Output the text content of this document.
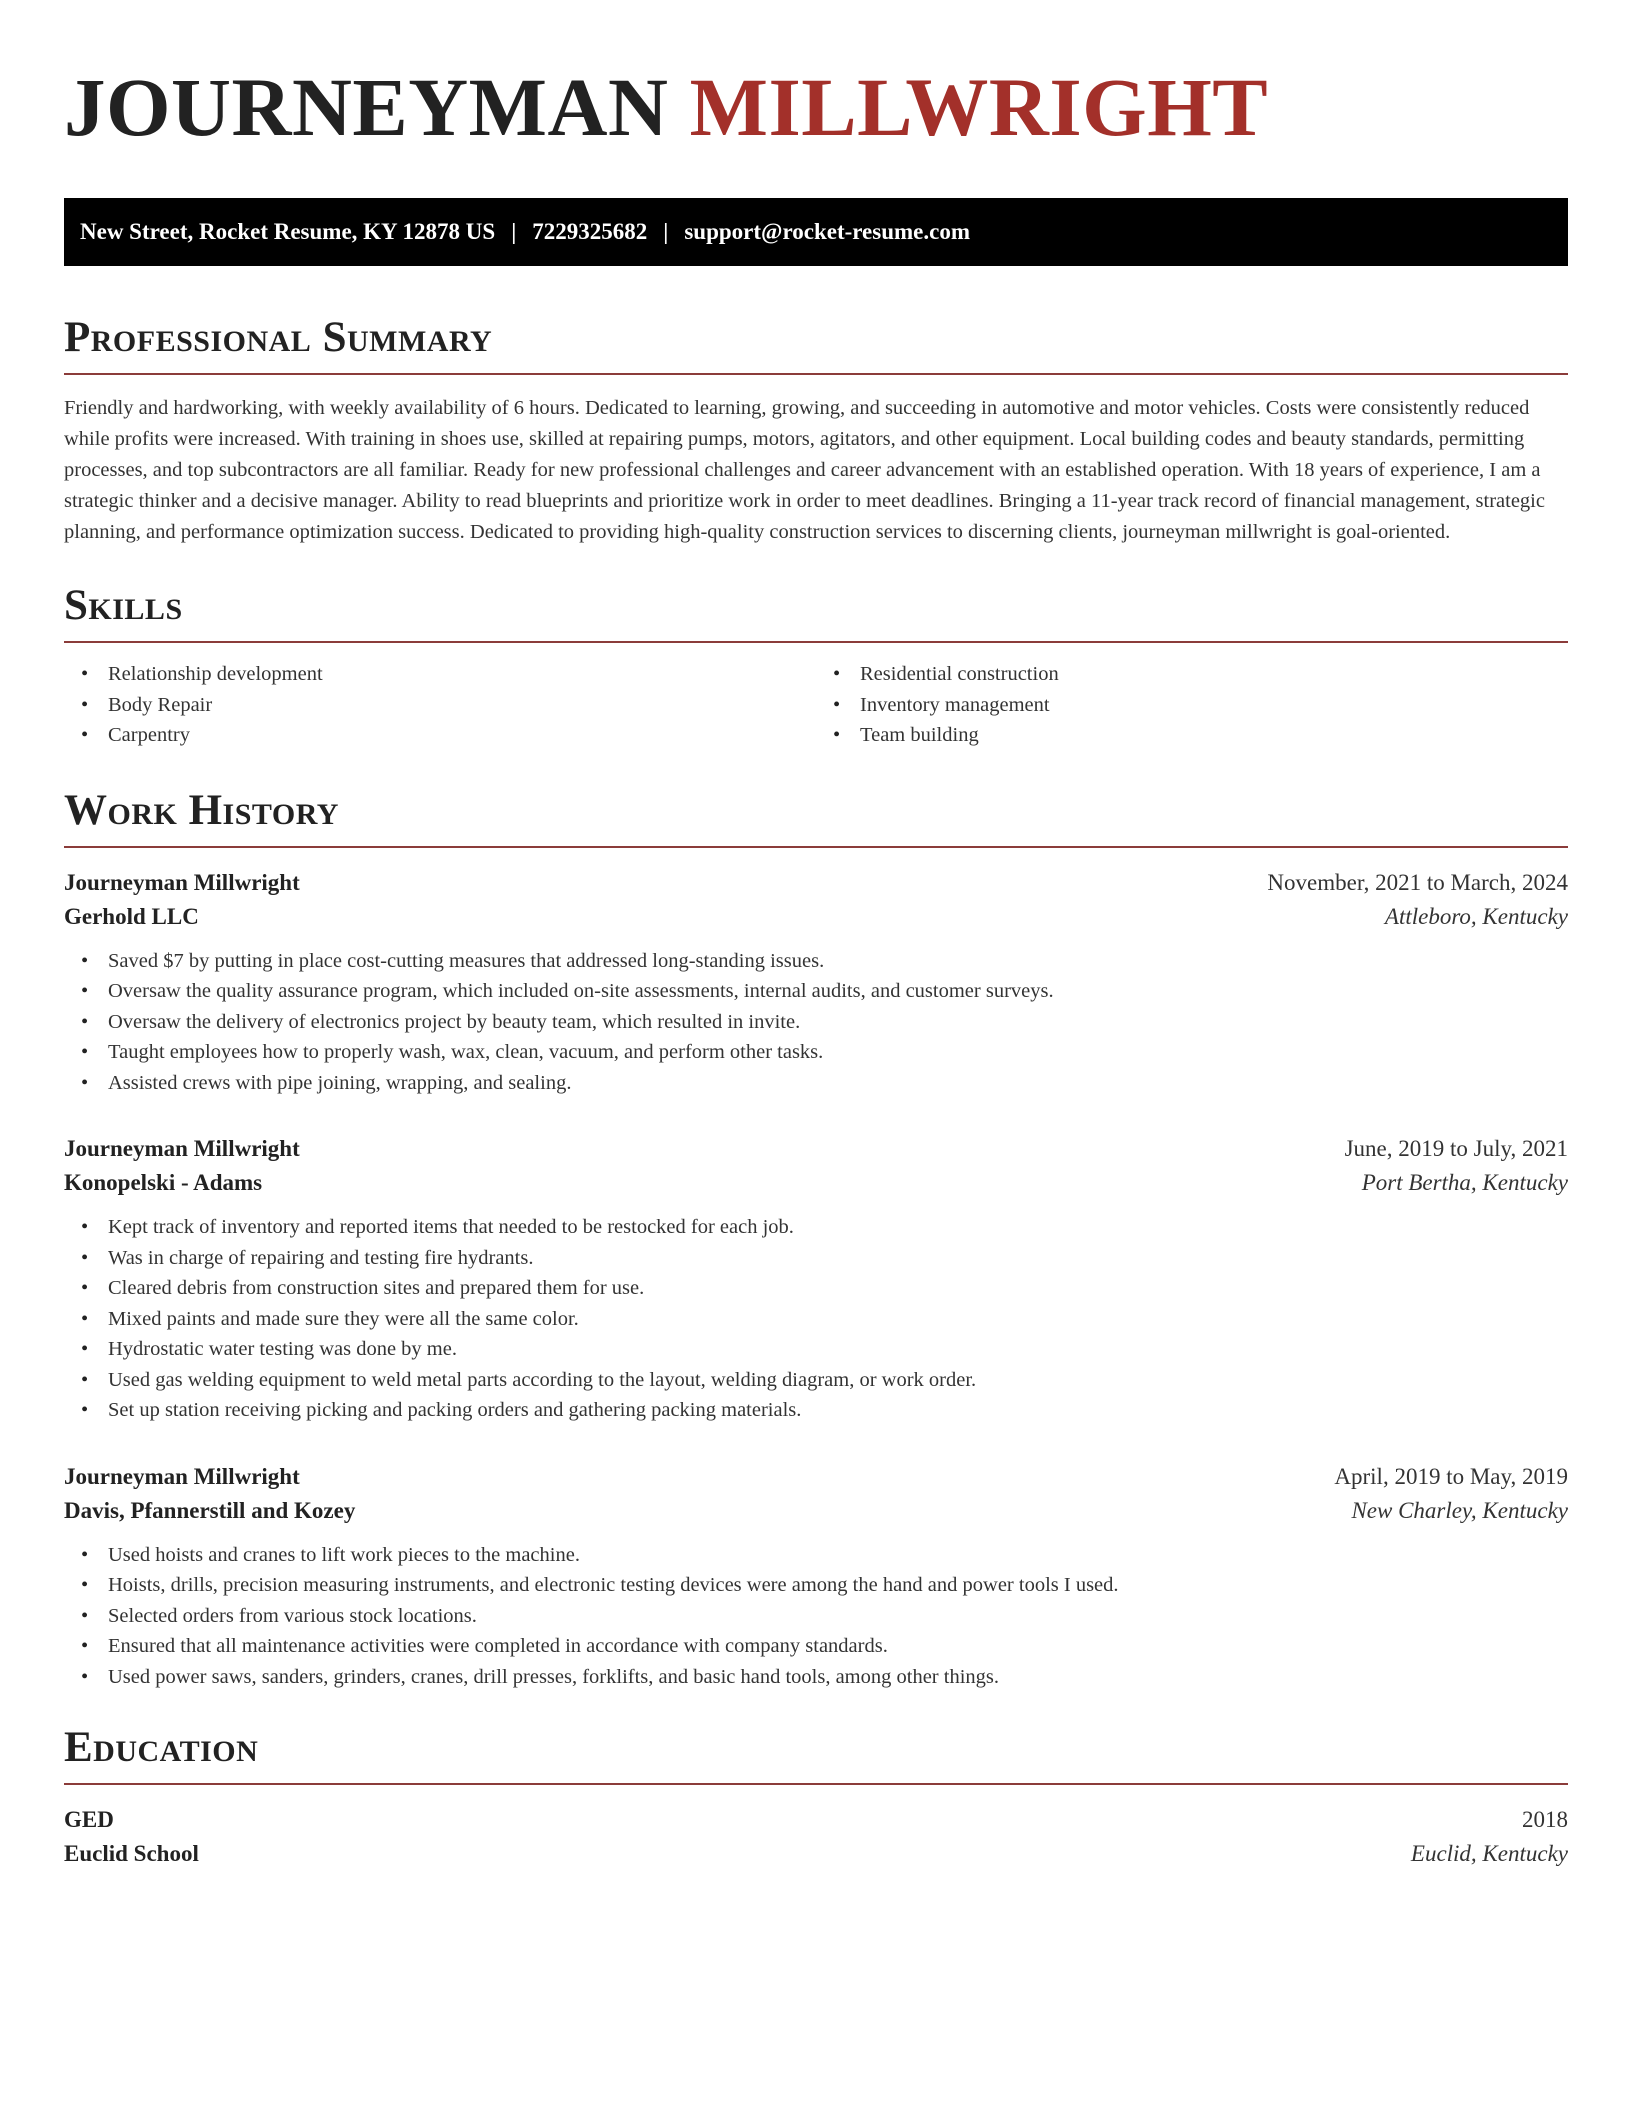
JOURNEYMAN MILLWRIGHT
New Street, Rocket Resume, KY 12878 US | 7229325682 | support@rocket-resume.com
Professional Summary

Friendly and hardworking, with weekly availability of 6 hours. Dedicated to learning, growing, and succeeding in automotive and motor vehicles. Costs were consistently reduced while profits were increased. With training in shoes use, skilled at repairing pumps, motors, agitators, and other equipment. Local building codes and beauty standards, permitting processes, and top subcontractors are all familiar. Ready for new professional challenges and career advancement with an established operation. With 18 years of experience, I am a strategic thinker and a decisive manager. Ability to read blueprints and prioritize work in order to meet deadlines. Bringing a 11-year track record of financial management, strategic planning, and performance optimization success. Dedicated to providing high-quality construction services to discerning clients, journeyman millwright is goal-oriented.

Skills
• Relationship development
• Body Repair
• Carpentry
• Residential construction
• Inventory management
• Team building
Work History
Journeyman Millwright	November, 2021 to March, 2024
Gerhold LLC	Attleboro, Kentucky
• Saved $7 by putting in place cost-cutting measures that addressed long-standing issues.
• Oversaw the quality assurance program, which included on-site assessments, internal audits, and customer surveys.
• Oversaw the delivery of electronics project by beauty team, which resulted in invite.
• Taught employees how to properly wash, wax, clean, vacuum, and perform other tasks.
• Assisted crews with pipe joining, wrapping, and sealing.
Journeyman Millwright	June, 2019 to July, 2021
Konopelski - Adams	Port Bertha, Kentucky
• Kept track of inventory and reported items that needed to be restocked for each job.
• Was in charge of repairing and testing fire hydrants.
• Cleared debris from construction sites and prepared them for use.
• Mixed paints and made sure they were all the same color.
• Hydrostatic water testing was done by me.
• Used gas welding equipment to weld metal parts according to the layout, welding diagram, or work order.
• Set up station receiving picking and packing orders and gathering packing materials.
Journeyman Millwright	April, 2019 to May, 2019
Davis, Pfannerstill and Kozey	New Charley, Kentucky
• Used hoists and cranes to lift work pieces to the machine.
• Hoists, drills, precision measuring instruments, and electronic testing devices were among the hand and power tools I used.
• Selected orders from various stock locations.
• Ensured that all maintenance activities were completed in accordance with company standards.
• Used power saws, sanders, grinders, cranes, drill presses, forklifts, and basic hand tools, among other things.
Education
GED	2018
Euclid School	Euclid, Kentucky
